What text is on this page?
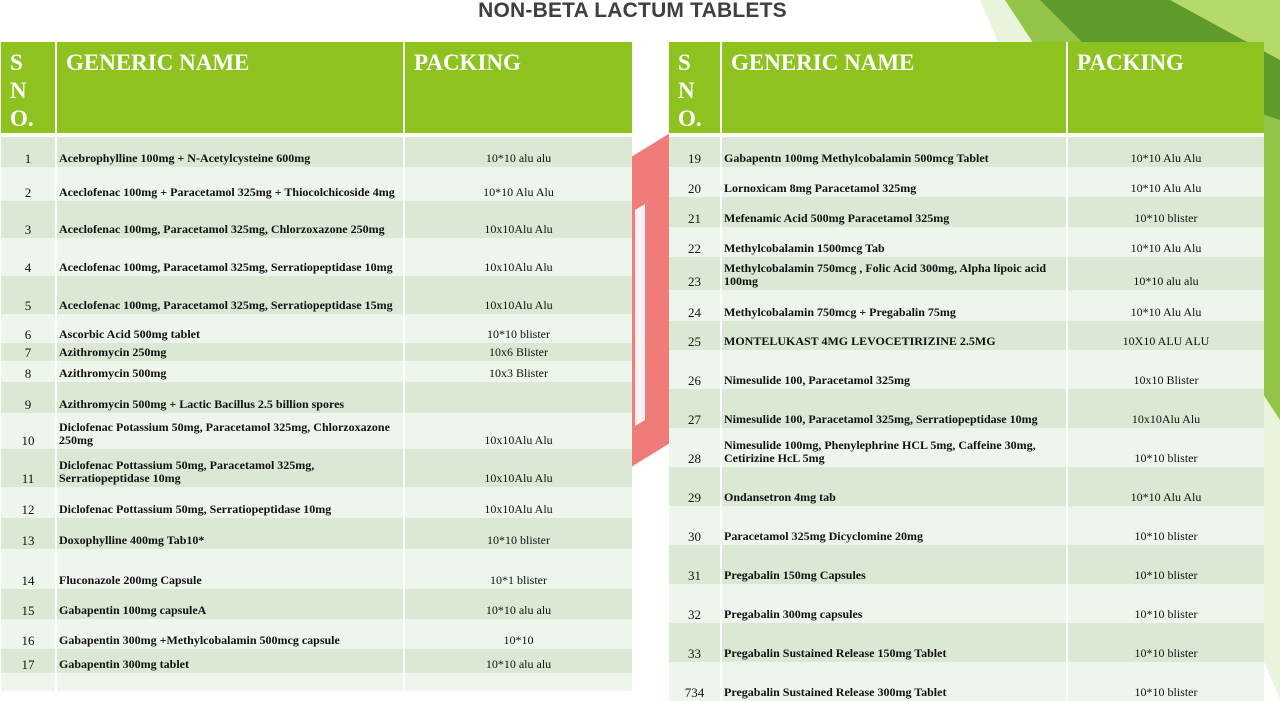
NON-BETA LACTUM TABLETS
S
N
O.	GENERIC NAME	PACKING

1	Acebrophylline 100mg + N-Acetylcysteine 600mg	10*10 alu alu
2	Aceclofenac 100mg + Paracetamol 325mg + Thiocolchicoside 4mg	10*10 Alu Alu
3	Aceclofenac 100mg, Paracetamol 325mg, Chlorzoxazone 250mg	10x10Alu Alu
4	Aceclofenac 100mg, Paracetamol 325mg, Serratiopeptidase 10mg	10x10Alu Alu
5	Aceclofenac 100mg, Paracetamol 325mg, Serratiopeptidase 15mg	10x10Alu Alu
6	Ascorbic Acid 500mg tablet	10*10 blister
7	Azithromycin 250mg	10x6 Blister
8	Azithromycin 500mg	10x3 Blister
9	Azithromycin 500mg + Lactic Bacillus 2.5 billion spores	
10	Diclofenac Potassium 50mg, Paracetamol 325mg, Chlorzoxazone 250mg	10x10Alu Alu
11	Diclofenac Pottassium 50mg, Paracetamol 325mg, Serratiopeptidase 10mg	10x10Alu Alu
12	Diclofenac Pottassium 50mg, Serratiopeptidase 10mg	10x10Alu Alu
13	Doxophylline 400mg Tab10*	10*10 blister
14	Fluconazole 200mg Capsule	10*1 blister
15	Gabapentin 100mg capsuleA	10*10 alu alu
16	Gabapentin 300mg +Methylcobalamin 500mcg capsule	10*10
17	Gabapentin 300mg tablet	10*10 alu alu

S
N
O.	GENERIC NAME	PACKING

19	Gabapentn 100mg Methylcobalamin 500mcg Tablet	10*10 Alu Alu
20	Lornoxicam 8mg Paracetamol 325mg	10*10 Alu Alu
21	Mefenamic Acid 500mg Paracetamol 325mg	10*10 blister
22	Methylcobalamin 1500mcg Tab	10*10 Alu Alu
23	Methylcobalamin 750mcg , Folic Acid 300mg, Alpha lipoic acid 100mg	10*10 alu alu
24	Methylcobalamin 750mcg + Pregabalin 75mg	10*10 Alu Alu
25	MONTELUKAST 4MG LEVOCETIRIZINE 2.5MG	10X10 ALU ALU
26	Nimesulide 100, Paracetamol 325mg	10x10 Blister
27	Nimesulide 100, Paracetamol 325mg, Serratiopeptidase 10mg	10x10Alu Alu
28	Nimesulide 100mg, Phenylephrine HCL 5mg, Caffeine 30mg, Cetirizine HcL 5mg	10*10 blister
29	Ondansetron 4mg tab	10*10 Alu Alu
30	Paracetamol 325mg Dicyclomine 20mg	10*10 blister
31	Pregabalin 150mg Capsules	10*10 blister
32	Pregabalin 300mg capsules	10*10 blister
33	Pregabalin Sustained Release 150mg Tablet	10*10 blister
734	Pregabalin Sustained Release 300mg Tablet	10*10 blister
